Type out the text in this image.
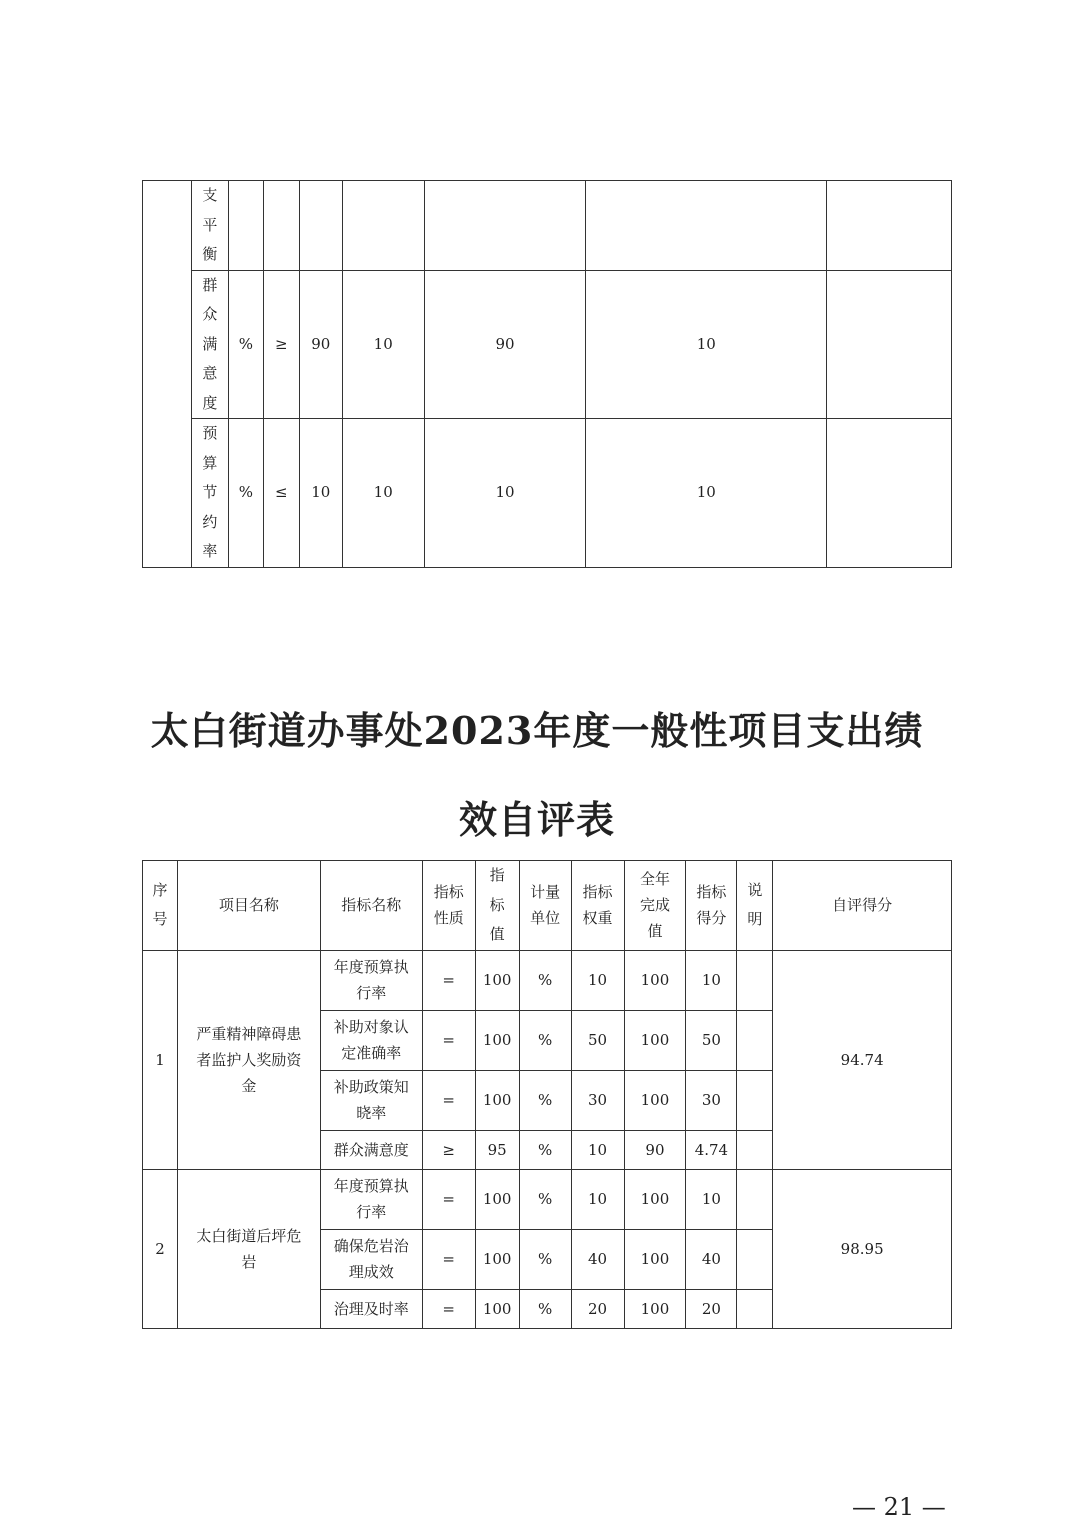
	支平衡							

	群众满意度	%	≥	90	10	90	10	

	预算节约率	%	≤	10	10	10	10	
太白街道办事处2023年度一般性项目支出绩
效自评表
序号	项目名称	指标名称	指标性质	指标值	计量单位	指标权重	全年完成值	指标得分	说明	自评得分
1	严重精神障碍患者监护人奖励资金	年度预算执行率	=	100	%	10	100	10		94.74
		补助对象认定准确率	=	100	%	50	100	50		
		补助政策知晓率	=	100	%	30	100	30		
		群众满意度	≥	95	%	10	90	4.74		
2	太白街道后坪危岩	年度预算执行率	=	100	%	10	100	10		98.95
		确保危岩治理成效	=	100	%	40	100	40		
		治理及时率	=	100	%	20	100	20		
— 21 —
